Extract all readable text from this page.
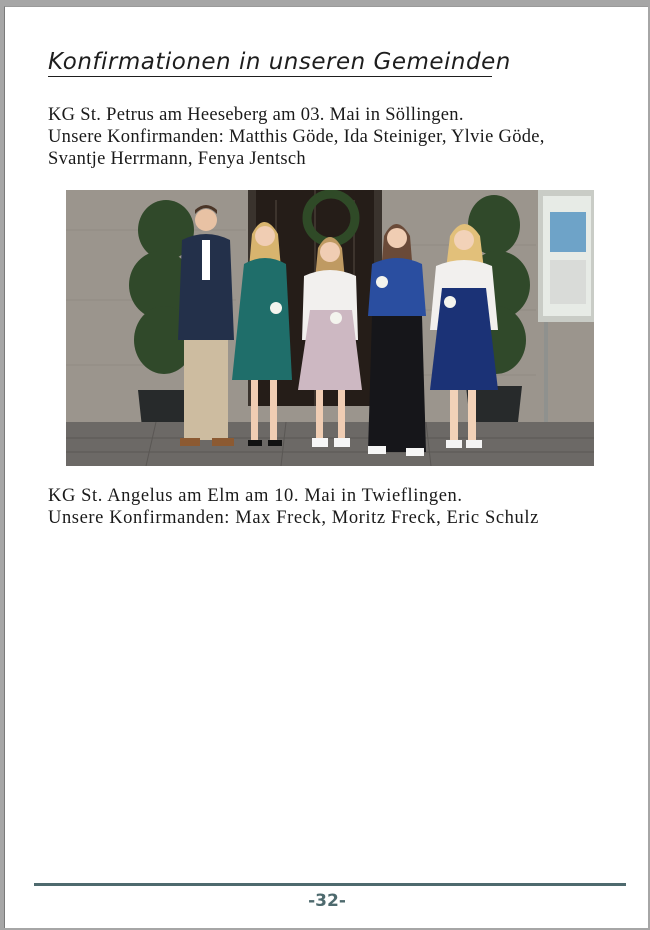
Konfirmationen in unseren Gemeinden
KG St. Petrus am Heeseberg am 03. Mai in Söllingen.
Unsere Konfirmanden: Matthis Göde, Ida Steiniger, Ylvie Göde,
Svantje Herrmann, Fenya Jentsch
KG St. Angelus am Elm am 10. Mai in Twieflingen.
Unsere Konfirmanden: Max Freck, Moritz Freck, Eric Schulz
-32-
